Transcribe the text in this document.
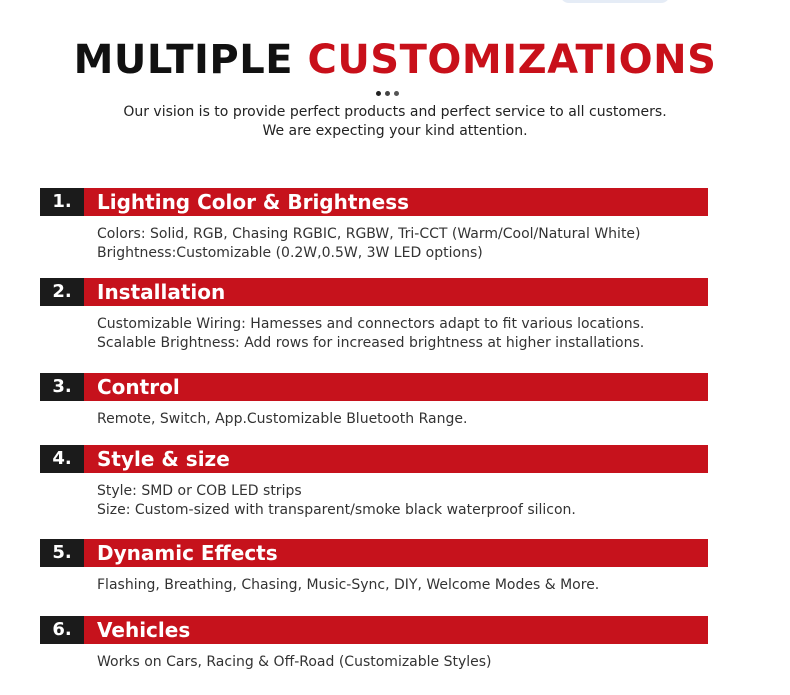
MULTIPLE CUSTOMIZATIONS
Our vision is to provide perfect products and perfect service to all customers.
We are expecting your kind attention.
1.	Lighting Color & Brightness
Colors: Solid, RGB, Chasing RGBIC, RGBW, Tri-CCT (Warm/Cool/Natural White)
Brightness:Customizable (0.2W,0.5W, 3W LED options)
2.	Installation
Customizable Wiring: Hamesses and connectors adapt to fit various locations.
Scalable Brightness: Add rows for increased brightness at higher installations.
3.	Control
Remote, Switch, App.Customizable Bluetooth Range.
4.	Style & size
Style: SMD or COB LED strips
Size: Custom-sized with transparent/smoke black waterproof silicon.
5.	Dynamic Effects
Flashing, Breathing, Chasing, Music-Sync, DIY, Welcome Modes & More.
6.	Vehicles
Works on Cars, Racing & Off-Road (Customizable Styles)
